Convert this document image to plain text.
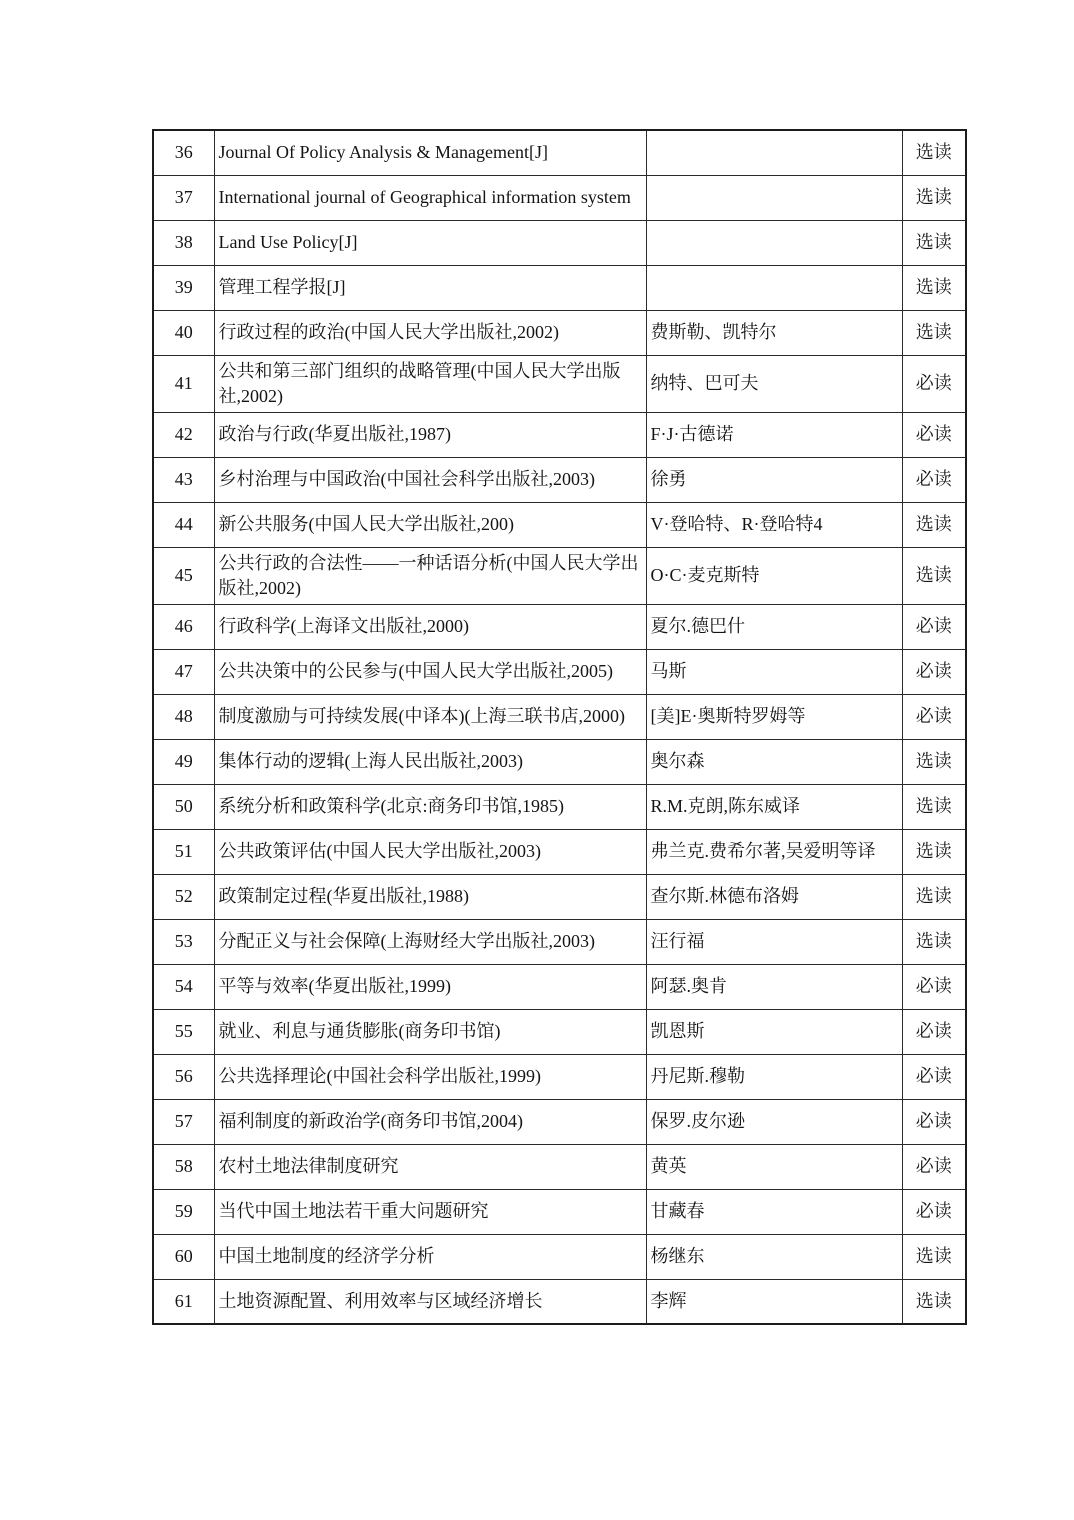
36	Journal Of Policy Analysis & Management[J]		选读
37	International journal of Geographical information system		选读
38	Land Use Policy[J]		选读
39	管理工程学报[J]		选读
40	行政过程的政治(中国人民大学出版社,2002)	费斯勒、凯特尔	选读
41	公共和第三部门组织的战略管理(中国人民大学出版社,2002)	纳特、巴可夫	必读
42	政治与行政(华夏出版社,1987)	F·J·古德诺	必读
43	乡村治理与中国政治(中国社会科学出版社,2003)	徐勇	必读
44	新公共服务(中国人民大学出版社,200)	V·登哈特、R·登哈特4	选读
45	公共行政的合法性——一种话语分析(中国人民大学出版社,2002)	O·C·麦克斯特	选读
46	行政科学(上海译文出版社,2000)	夏尔.德巴什	必读
47	公共决策中的公民参与(中国人民大学出版社,2005)	马斯	必读
48	制度激励与可持续发展(中译本)(上海三联书店,2000)	[美]E·奥斯特罗姆等	必读
49	集体行动的逻辑(上海人民出版社,2003)	奥尔森	选读
50	系统分析和政策科学(北京:商务印书馆,1985)	R.M.克朗,陈东威译	选读
51	公共政策评估(中国人民大学出版社,2003)	弗兰克.费希尔著,吴爱明等译	选读
52	政策制定过程(华夏出版社,1988)	查尔斯.林德布洛姆	选读
53	分配正义与社会保障(上海财经大学出版社,2003)	汪行福	选读
54	平等与效率(华夏出版社,1999)	阿瑟.奥肯	必读
55	就业、利息与通货膨胀(商务印书馆)	凯恩斯	必读
56	公共选择理论(中国社会科学出版社,1999)	丹尼斯.穆勒	必读
57	福利制度的新政治学(商务印书馆,2004)	保罗.皮尔逊	必读
58	农村土地法律制度研究	黄英	必读
59	当代中国土地法若干重大问题研究	甘藏春	必读
60	中国土地制度的经济学分析	杨继东	选读
61	土地资源配置、利用效率与区域经济增长	李辉	选读
